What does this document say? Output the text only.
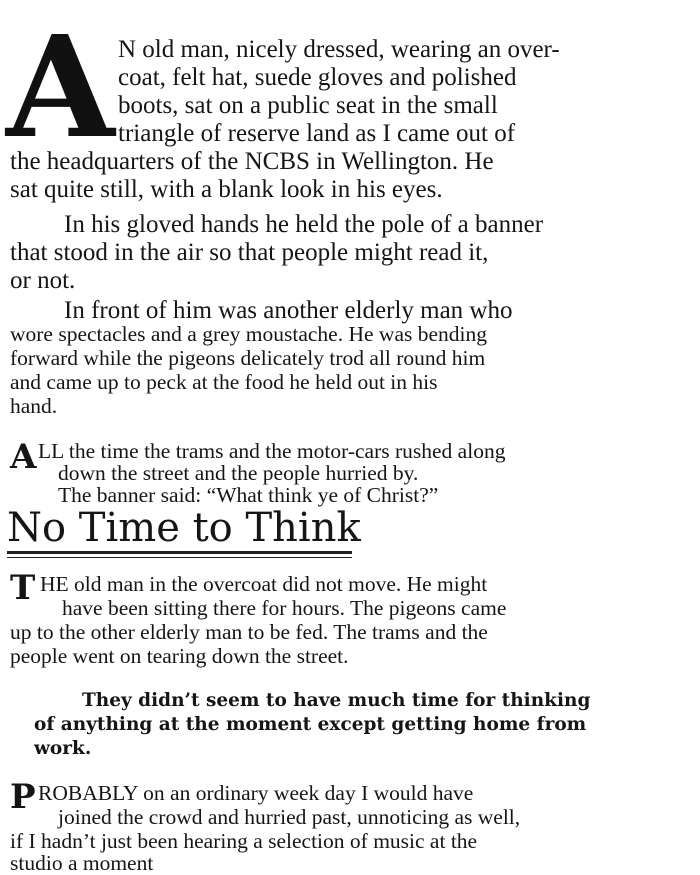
A N old man, nicely dressed, wearing an over-
coat, felt hat, suede gloves and polished
boots, sat on a public seat in the small
triangle of reserve land as I came out of
the headquarters of the NCBS in Wellington. He
sat quite still, with a blank look in his eyes.
In his gloved hands he held the pole of a banner
that stood in the air so that people might read it,
or not.
In front of him was another elderly man who
wore spectacles and a grey moustache. He was bending
forward while the pigeons delicately trod all round him
and came up to peck at the food he held out in his
hand.
A LL the time the trams and the motor-cars rushed along
down the street and the people hurried by.
The banner said: “What think ye of Christ?”
No Time to Think
T HE old man in the overcoat did not move. He might
have been sitting there for hours. The pigeons came
up to the other elderly man to be fed. The trams and the
people went on tearing down the street.
They didn’t seem to have much time for thinking
of anything at the moment except getting home from
work.
P ROBABLY on an ordinary week day I would have
joined the crowd and hurried past, unnoticing as well,
if I hadn’t just been hearing a selection of music at the
studio a moment
